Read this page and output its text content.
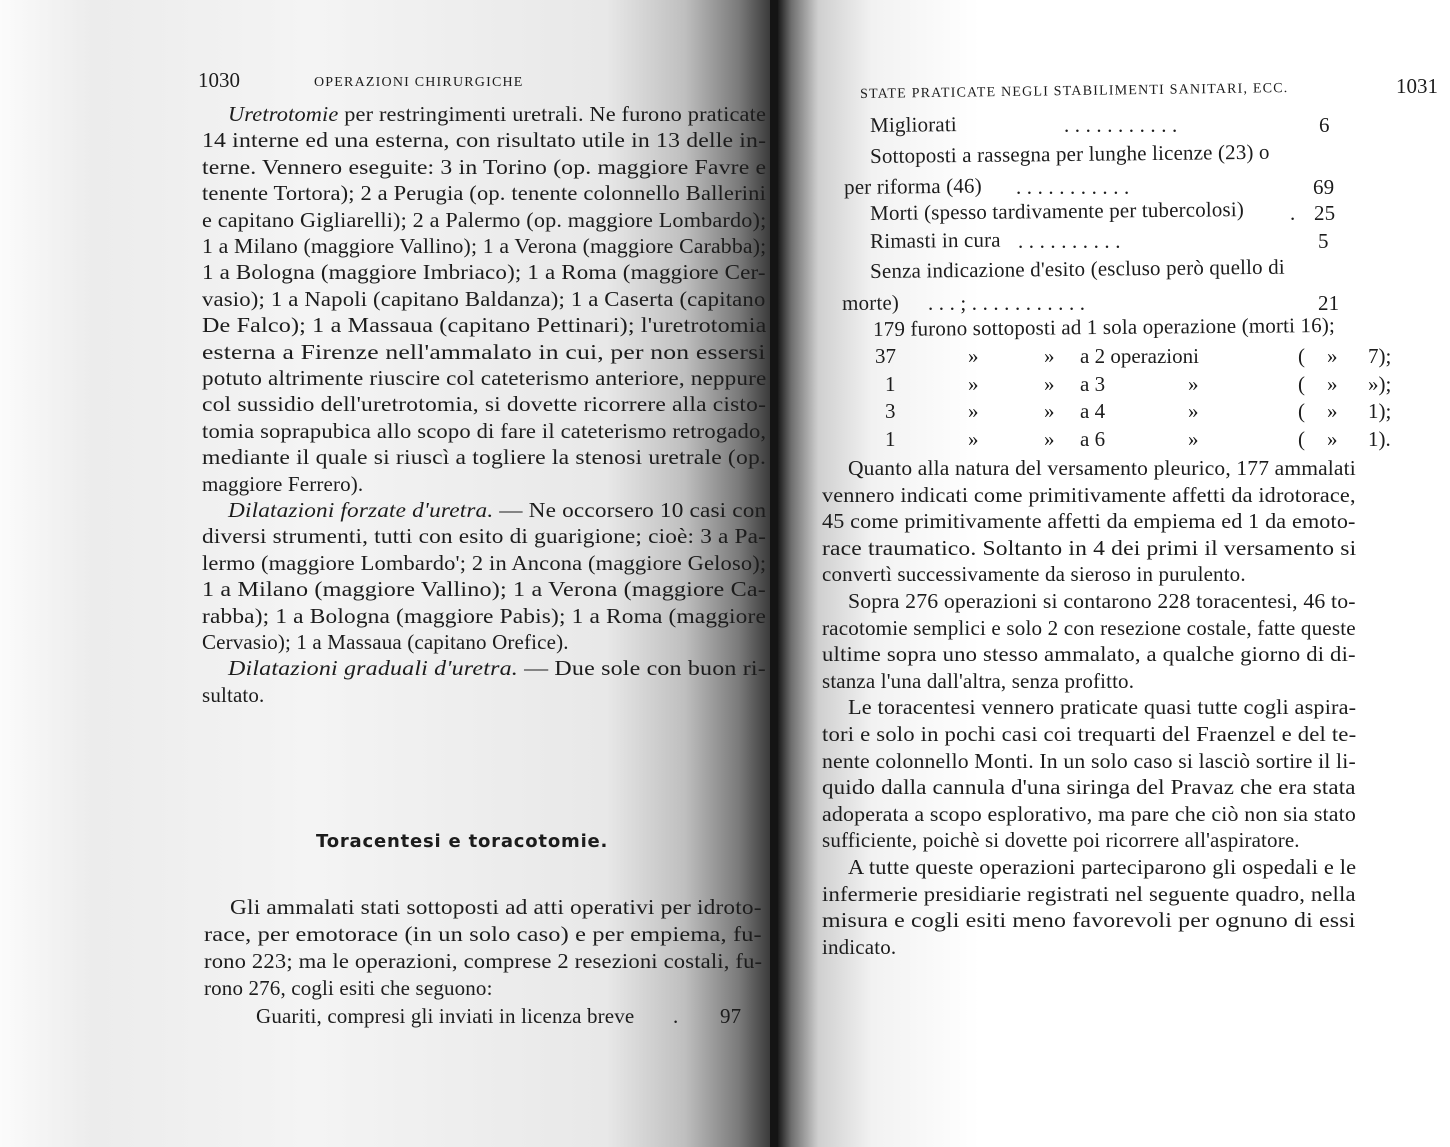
1030	OPERAZIONI CHIRURGICHE
Uretrotomie per restringimenti uretrali. Ne furono praticate
14 interne ed una esterna, con risultato utile in 13 delle in-
terne. Vennero eseguite: 3 in Torino (op. maggiore Favre e
tenente Tortora); 2 a Perugia (op. tenente colonnello Ballerini
e capitano Gigliarelli); 2 a Palermo (op. maggiore Lombardo);
1 a Milano (maggiore Vallino); 1 a Verona (maggiore Carabba);
1 a Bologna (maggiore Imbriaco); 1 a Roma (maggiore Cer-
vasio); 1 a Napoli (capitano Baldanza); 1 a Caserta (capitano
De Falco); 1 a Massaua (capitano Pettinari); l'uretrotomia
esterna a Firenze nell'ammalato in cui, per non essersi
potuto altrimente riuscire col cateterismo anteriore, neppure
col sussidio dell'uretrotomia, si dovette ricorrere alla cisto-
tomia soprapubica allo scopo di fare il cateterismo retrogado,
mediante il quale si riuscì a togliere la stenosi uretrale (op.
maggiore Ferrero).
Dilatazioni forzate d'uretra. — Ne occorsero 10 casi con
diversi strumenti, tutti con esito di guarigione; cioè: 3 a Pa-
lermo (maggiore Lombardo'; 2 in Ancona (maggiore Geloso);
1 a Milano (maggiore Vallino); 1 a Verona (maggiore Ca-
rabba); 1 a Bologna (maggiore Pabis); 1 a Roma (maggiore
Cervasio); 1 a Massaua (capitano Orefice).
Dilatazioni graduali d'uretra. — Due sole con buon ri-
sultato.
Toracentesi e toracotomie.
Gli ammalati stati sottoposti ad atti operativi per idroto-
race, per emotorace (in un solo caso) e per empiema, fu-
rono 223; ma le operazioni, comprese 2 resezioni costali, fu-
rono 276, cogli esiti che seguono:
Guariti, compresi gli inviati in licenza breve . 97
STATE PRATICATE NEGLI STABILIMENTI SANITARI, ECC.	1031
Migliorati	. . . . . . . . . . .	6
Sottoposti a rassegna per lunghe licenze (23) o
per riforma (46) . . . . . . . . . . .	69
Morti (spesso tardivamente per tubercolosi) . 25
Rimasti in cura . . . . . . . . . .	5
Senza indicazione d'esito (escluso però quello di
morte) . . . ; . . . . . . . . . . .	21
179 furono sottoposti ad 1 sola operazione (morti 16);
37	»	» a 2 operazioni	( » 7);
1	»	» a 3	»	( » »);
3	»	» a 4	»	( » 1);
1	»	» a 6	»	( » 1).
Quanto alla natura del versamento pleurico, 177 ammalati
vennero indicati come primitivamente affetti da idrotorace,
45 come primitivamente affetti da empiema ed 1 da emoto-
race traumatico. Soltanto in 4 dei primi il versamento si
convertì successivamente da sieroso in purulento.
Sopra 276 operazioni si contarono 228 toracentesi, 46 to-
racotomie semplici e solo 2 con resezione costale, fatte queste
ultime sopra uno stesso ammalato, a qualche giorno di di-
stanza l'una dall'altra, senza profitto.
Le toracentesi vennero praticate quasi tutte cogli aspira-
tori e solo in pochi casi coi trequarti del Fraenzel e del te-
nente colonnello Monti. In un solo caso si lasciò sortire il li-
quido dalla cannula d'una siringa del Pravaz che era stata
adoperata a scopo esplorativo, ma pare che ciò non sia stato
sufficiente, poichè si dovette poi ricorrere all'aspiratore.
A tutte queste operazioni parteciparono gli ospedali e le
infermerie presidiarie registrati nel seguente quadro, nella
misura e cogli esiti meno favorevoli per ognuno di essi
indicato.
